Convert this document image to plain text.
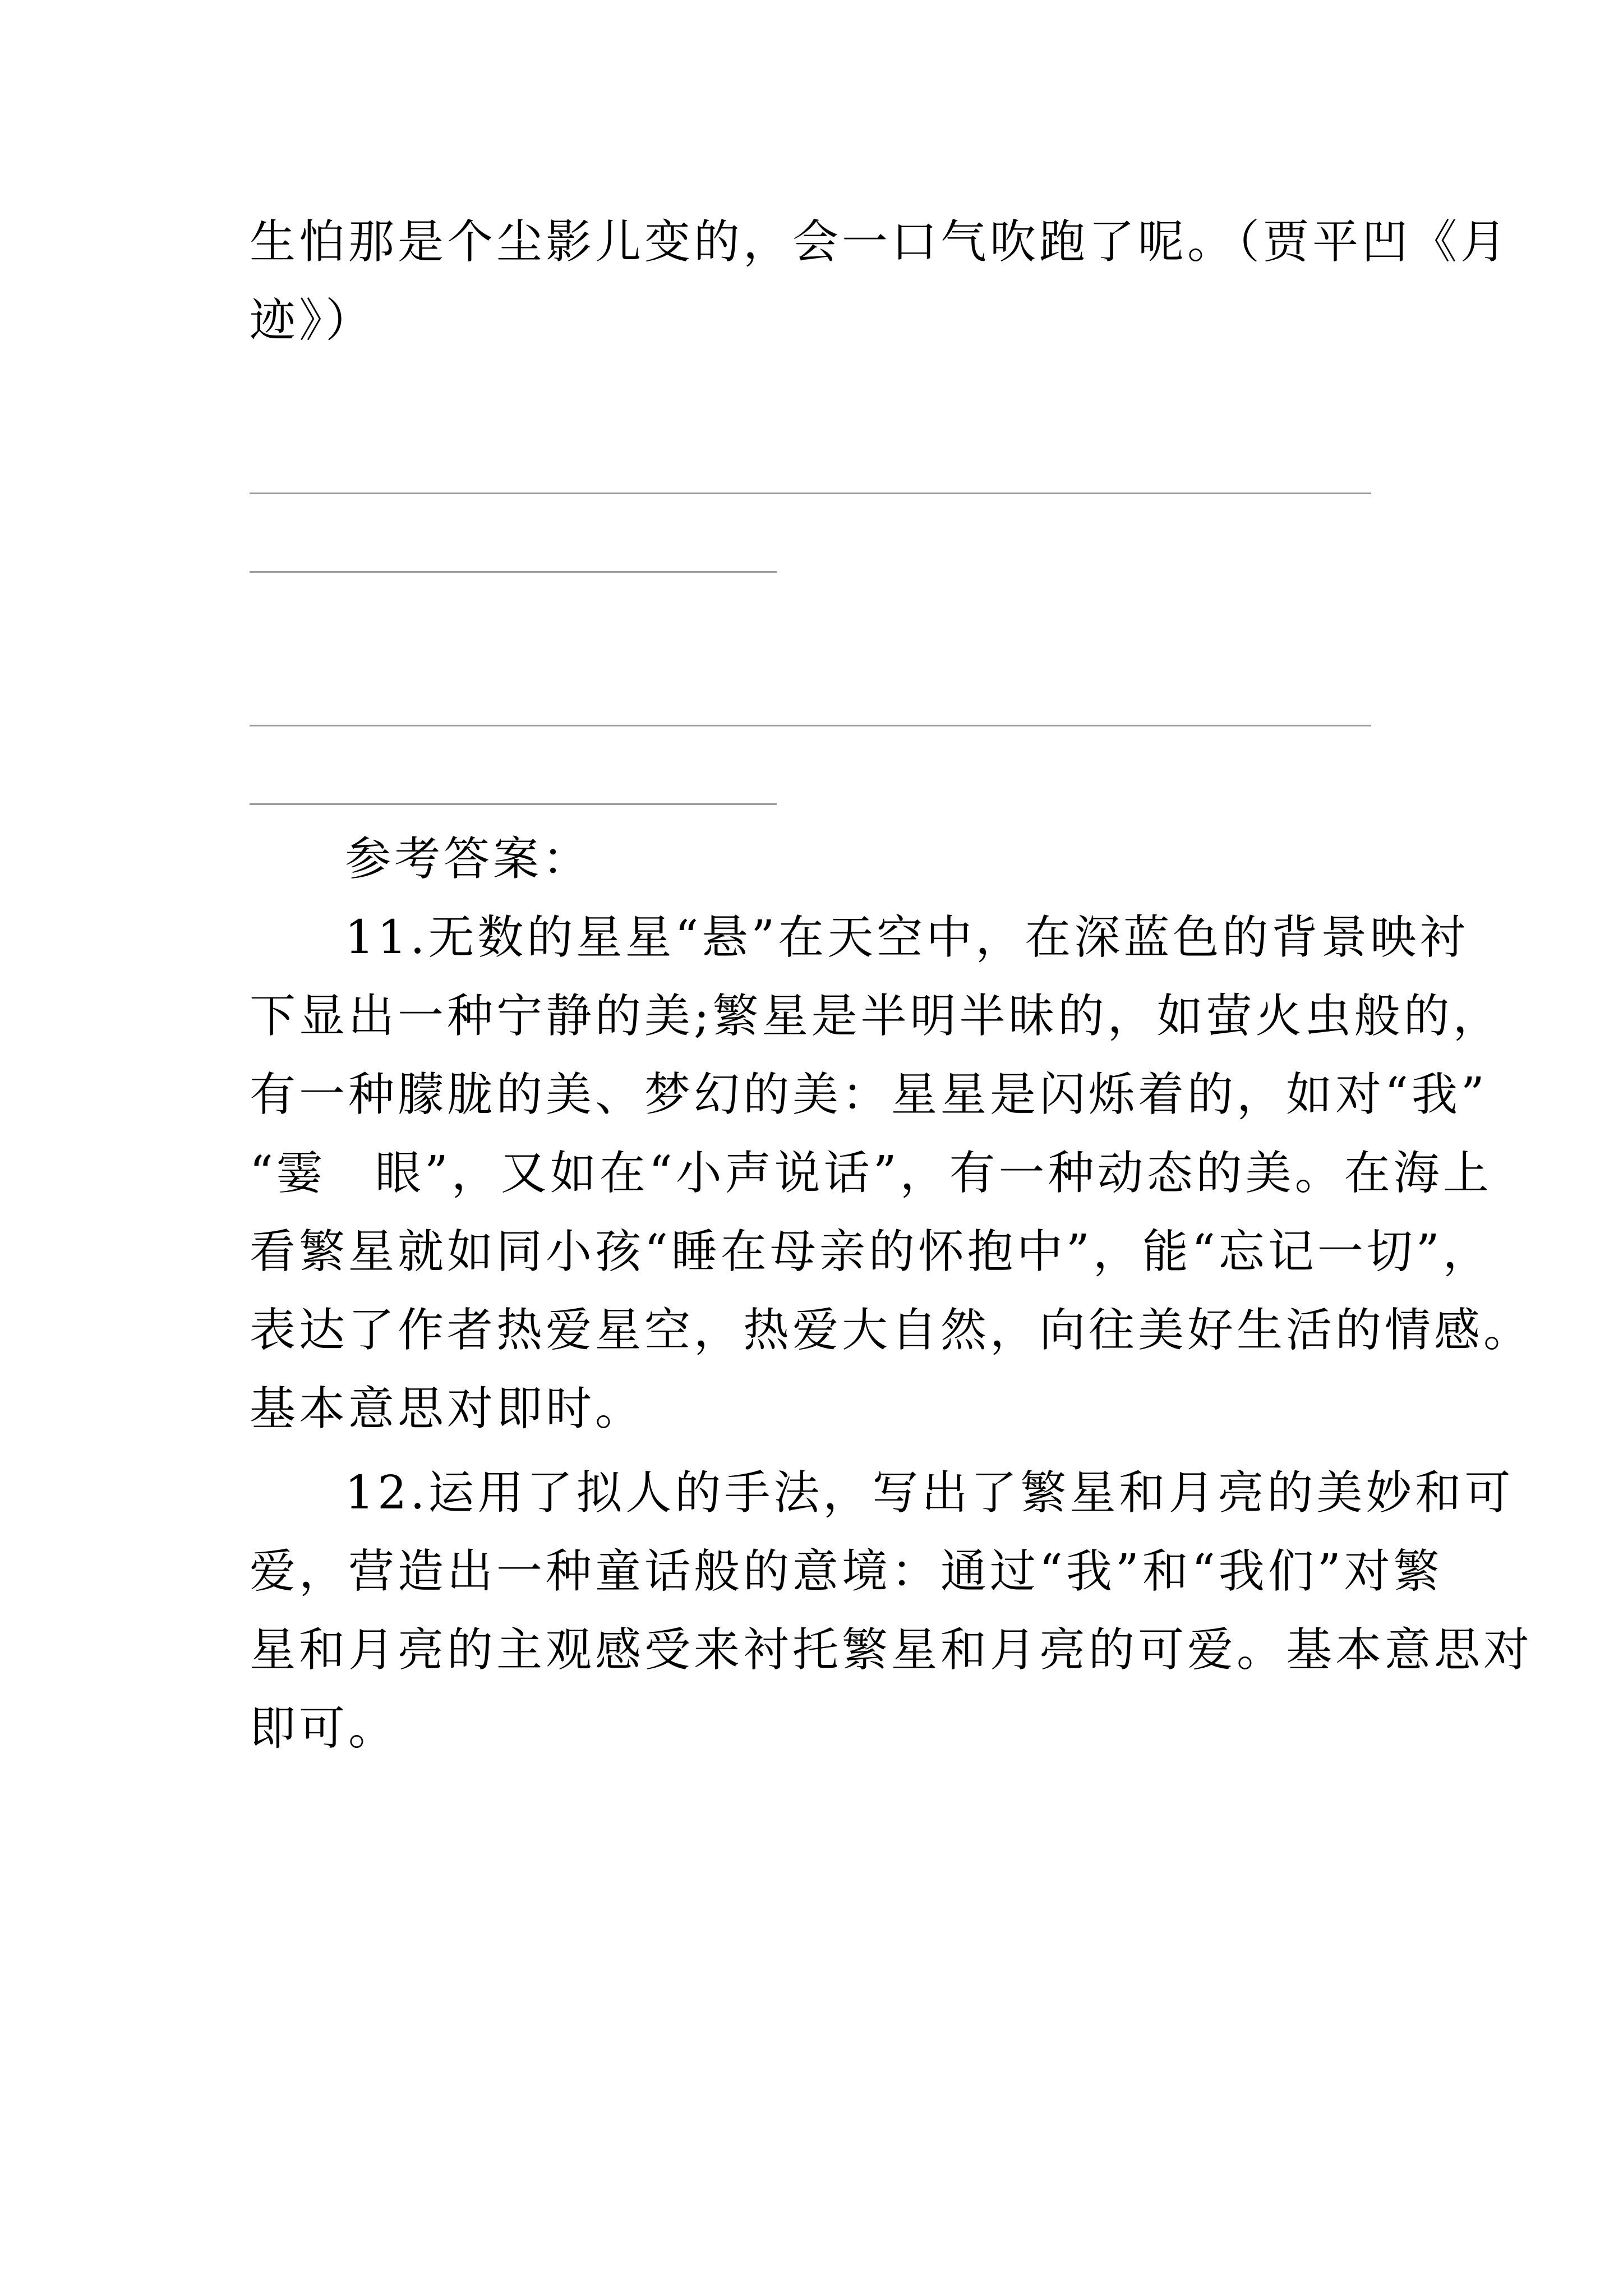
生怕那是个尘影儿变的，会一口气吹跑了呢。（贾平凹《月
迹》）
参考答案：
11.无数的星星“悬”在天空中，在深蓝色的背景映衬
下显出一种宁静的美;繁星是半明半昧的，如萤火虫般的，
有一种朦胧的美、梦幻的美：星星是闪烁着的，如对“我”
“霎　眼”，又如在“小声说话”，有一种动态的美。在海上
看繁星就如同小孩“睡在母亲的怀抱中”，能“忘记一切”，
表达了作者热爱星空，热爱大自然，向往美好生活的情感。
基本意思对即时。
12.运用了拟人的手法，写出了繁星和月亮的美妙和可
爱，营造出一种童话般的意境：通过“我”和“我们”对繁
星和月亮的主观感受来衬托繁星和月亮的可爱。基本意思对
即可。
